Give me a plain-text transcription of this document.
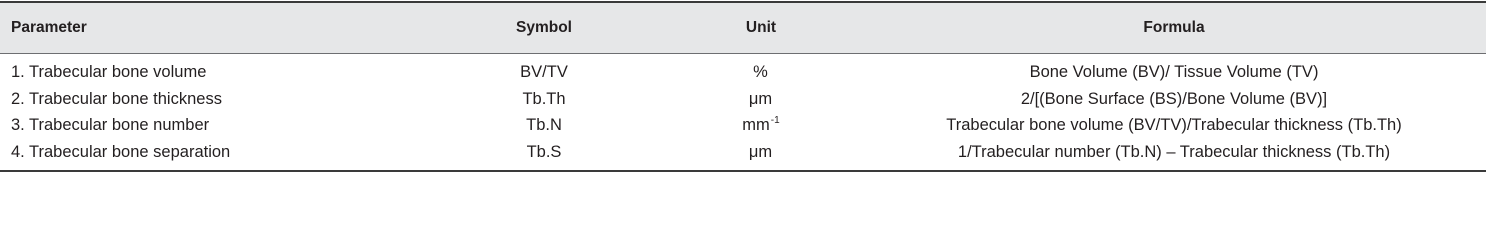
Parameter	Symbol	Unit	Formula
1. Trabecular bone volume	BV/TV	%	Bone Volume (BV)/ Tissue Volume (TV)
2. Trabecular bone thickness	Tb.Th	μm	2/[(Bone Surface (BS)/Bone Volume (BV)]
3. Trabecular bone number	Tb.N	$mm^{-1}$	Trabecular bone volume (BV/TV)/Trabecular thickness (Tb.Th)
4. Trabecular bone separation	Tb.S	μm	1/Trabecular number (Tb.N) – Trabecular thickness (Tb.Th)
